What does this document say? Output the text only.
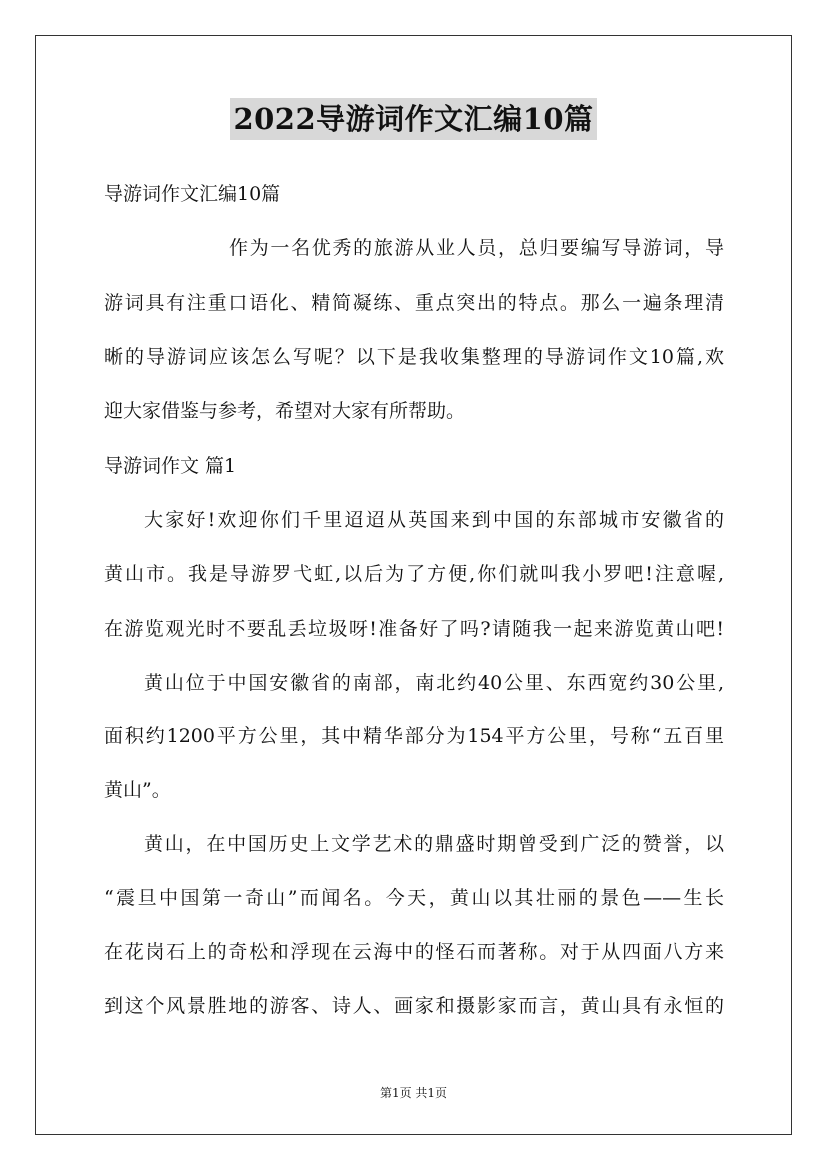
2022导游词作文汇编10篇
导游词作文汇编10篇
作为一名优秀的旅游从业人员，总归要编写导游词，导
游词具有注重口语化、精简凝练、重点突出的特点。那么一遍条理清
晰的导游词应该怎么写呢？以下是我收集整理的导游词作文10篇,欢
迎大家借鉴与参考，希望对大家有所帮助。
导游词作文 篇1
大家好!欢迎你们千里迢迢从英国来到中国的东部城市安徽省的
黄山市。我是导游罗弋虹,以后为了方便,你们就叫我小罗吧!注意喔,
在游览观光时不要乱丢垃圾呀!准备好了吗?请随我一起来游览黄山吧!
黄山位于中国安徽省的南部，南北约40公里、东西宽约30公里,
面积约1200平方公里，其中精华部分为154平方公里，号称“五百里
黄山”。
黄山，在中国历史上文学艺术的鼎盛时期曾受到广泛的赞誉，以
“震旦中国第一奇山”而闻名。今天，黄山以其壮丽的景色——生长
在花岗石上的奇松和浮现在云海中的怪石而著称。对于从四面八方来
到这个风景胜地的游客、诗人、画家和摄影家而言，黄山具有永恒的
第1页 共1页
